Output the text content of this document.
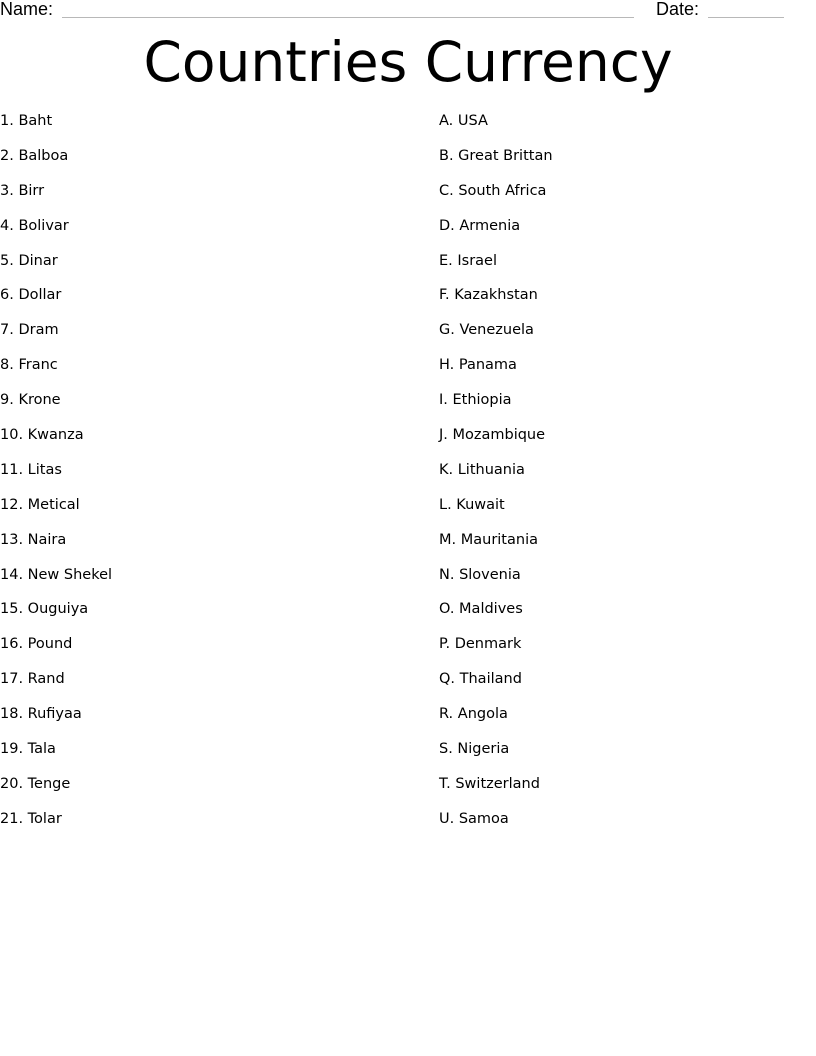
Name:	Date:
Countries Currency
1. Baht
2. Balboa
3. Birr
4. Bolivar
5. Dinar
6. Dollar
7. Dram
8. Franc
9. Krone
10. Kwanza
11. Litas
12. Metical
13. Naira
14. New Shekel
15. Ouguiya
16. Pound
17. Rand
18. Rufiyaa
19. Tala
20. Tenge
21. Tolar
A. USA
B. Great Brittan
C. South Africa
D. Armenia
E. Israel
F. Kazakhstan
G. Venezuela
H. Panama
I. Ethiopia
J. Mozambique
K. Lithuania
L. Kuwait
M. Mauritania
N. Slovenia
O. Maldives
P. Denmark
Q. Thailand
R. Angola
S. Nigeria
T. Switzerland
U. Samoa
